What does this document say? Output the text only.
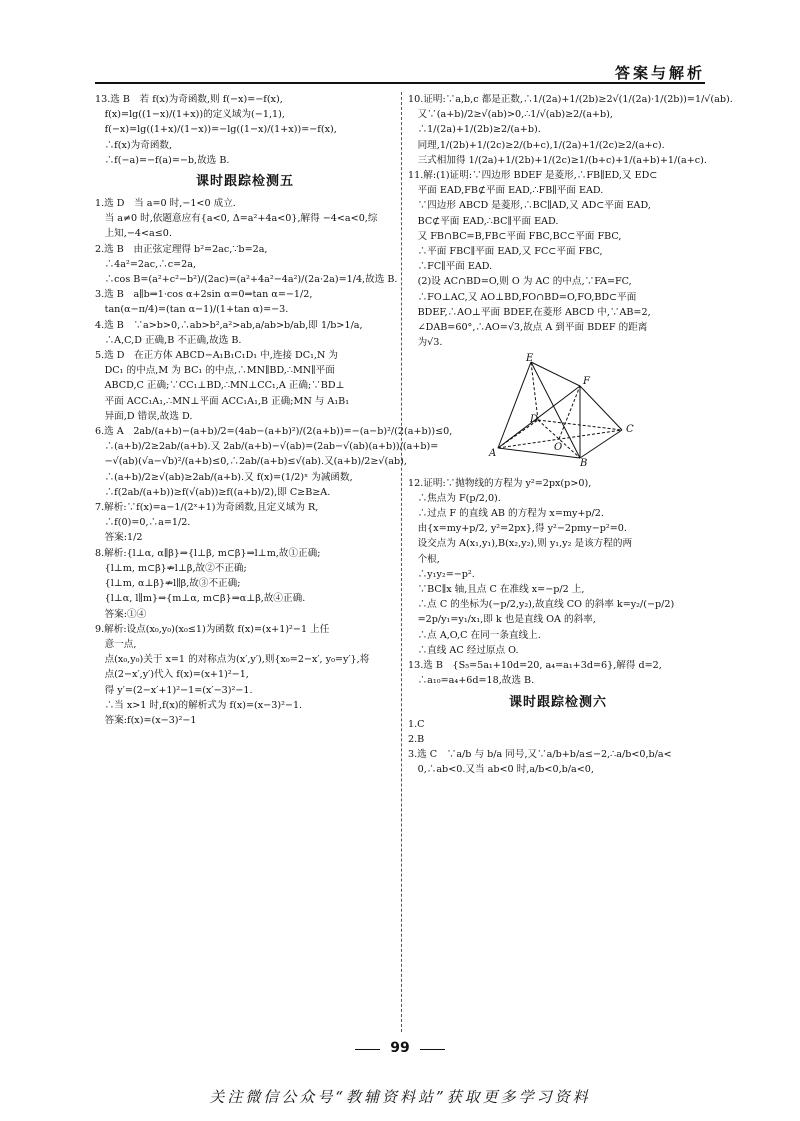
答案与解析
13.选 B　若 f(x)为奇函数,则 f(−x)=−f(x),
　f(x)=lg((1−x)/(1+x))的定义域为(−1,1),
　f(−x)=lg((1+x)/(1−x))=−lg((1−x)/(1+x))=−f(x),
　∴f(x)为奇函数,
　∴f(−a)=−f(a)=−b,故选 B.
课时跟踪检测五
1.选 D　当 a=0 时,−1<0 成立.
　当 a≠0 时,依题意应有{a<0, Δ=a²+4a<0},解得 −4<a<0,综
　上知,−4<a≤0.
2.选 B　由正弦定理得 b²=2ac,∵b=2a,
　∴4a²=2ac,∴c=2a,
　∴cos B=(a²+c²−b²)/(2ac)=(a²+4a²−4a²)/(2a·2a)=1/4,故选 B.
3.选 B　a∥b⇒1·cos α+2sin α=0⇒tan α=−1/2,
　tan(α−π/4)=(tan α−1)/(1+tan α)=−3.
4.选 B　∵a>b>0,∴ab>b²,a²>ab,a/ab>b/ab,即 1/b>1/a,
　∴A,C,D 正确,B 不正确,故选 B.
5.选 D　在正方体 ABCD−A₁B₁C₁D₁ 中,连接 DC₁,N 为
　DC₁ 的中点,M 为 BC₁ 的中点,∴MN∥BD,∴MN∥平面
　ABCD,C 正确;∵CC₁⊥BD,∴MN⊥CC₁,A 正确;∵BD⊥
　平面 ACC₁A₁,∴MN⊥平面 ACC₁A₁,B 正确;MN 与 A₁B₁
　异面,D 错误,故选 D.
6.选 A　2ab/(a+b)−(a+b)/2=(4ab−(a+b)²)/(2(a+b))=−(a−b)²/(2(a+b))≤0,
　∴(a+b)/2≥2ab/(a+b).又 2ab/(a+b)−√(ab)=(2ab−√(ab)(a+b))/(a+b)=
　−√(ab)(√a−√b)²/(a+b)≤0,∴2ab/(a+b)≤√(ab).又(a+b)/2≥√(ab),
　∴(a+b)/2≥√(ab)≥2ab/(a+b).又 f(x)=(1/2)ˣ 为减函数,
　∴f(2ab/(a+b))≥f(√(ab))≥f((a+b)/2),即 C≥B≥A.
7.解析:∵f(x)=a−1/(2ˣ+1)为奇函数,且定义域为 R,
　∴f(0)=0,∴a=1/2.
　答案:1/2
8.解析:{l⊥α, α∥β}⇒{l⊥β, m⊂β}⇒l⊥m,故①正确;
　{l⊥m, m⊂β}⇏l⊥β,故②不正确;
　{l⊥m, α⊥β}⇏l∥β,故③不正确;
　{l⊥α, l∥m}⇒{m⊥α, m⊂β}⇒α⊥β,故④正确.
　答案:①④
9.解析:设点(x₀,y₀)(x₀≤1)为函数 f(x)=(x+1)²−1 上任
　意一点,
　点(x₀,y₀)关于 x=1 的对称点为(x′,y′),则{x₀=2−x′, y₀=y′},将
　点(2−x′,y′)代入 f(x)=(x+1)²−1,
　得 y′=(2−x′+1)²−1=(x′−3)²−1.
　∴当 x>1 时,f(x)的解析式为 f(x)=(x−3)²−1.
　答案:f(x)=(x−3)²−1
10.证明:∵a,b,c 都是正数,∴1/(2a)+1/(2b)≥2√(1/(2a)·1/(2b))=1/√(ab).
　又∵(a+b)/2≥√(ab)>0,∴1/√(ab)≥2/(a+b),
　∴1/(2a)+1/(2b)≥2/(a+b).
　同理,1/(2b)+1/(2c)≥2/(b+c),1/(2a)+1/(2c)≥2/(a+c).
　三式相加得 1/(2a)+1/(2b)+1/(2c)≥1/(b+c)+1/(a+b)+1/(a+c).
11.解:(1)证明:∵四边形 BDEF 是菱形,∴FB∥ED,又 ED⊂
　平面 EAD,FB⊄平面 EAD,∴FB∥平面 EAD.
　∵四边形 ABCD 是菱形,∴BC∥AD,又 AD⊂平面 EAD,
　BC⊄平面 EAD,∴BC∥平面 EAD.
　又 FB∩BC=B,FB⊂平面 FBC,BC⊂平面 FBC,
　∴平面 FBC∥平面 EAD,又 FC⊂平面 FBC,
　∴FC∥平面 EAD.
　(2)设 AC∩BD=O,则 O 为 AC 的中点,∵FA=FC,
　∴FO⊥AC,又 AO⊥BD,FO∩BD=O,FO,BD⊂平面
　BDEF,∴AO⊥平面 BDEF,在菱形 ABCD 中,∵AB=2,
　∠DAB=60°,∴AO=√3,故点 A 到平面 BDEF 的距离
　为√3.
E
F
D
O
C
A
B
12.证明:∵抛物线的方程为 y²=2px(p>0),
　∴焦点为 F(p/2,0).
　∴过点 F 的直线 AB 的方程为 x=my+p/2.
　由{x=my+p/2, y²=2px},得 y²−2pmy−p²=0.
　设交点为 A(x₁,y₁),B(x₂,y₂),则 y₁,y₂ 是该方程的两
　个根,
　∴y₁y₂=−p².
　∵BC∥x 轴,且点 C 在准线 x=−p/2 上,
　∴点 C 的坐标为(−p/2,y₂),故直线 CO 的斜率 k=y₂/(−p/2)
　=2p/y₁=y₁/x₁,即 k 也是直线 OA 的斜率,
　∴点 A,O,C 在同一条直线上.
　∴直线 AC 经过原点 O.
13.选 B　{S₅=5a₁+10d=20, a₄=a₁+3d=6},解得 d=2,
　∴a₁₀=a₄+6d=18,故选 B.
课时跟踪检测六
1.C
2.B
3.选 C　∵a/b 与 b/a 同号,又∵a/b+b/a≤−2,∴a/b<0,b/a<
　0,∴ab<0.又当 ab<0 时,a/b<0,b/a<0,
99
关注微信公众号“教辅资料站”获取更多学习资料
